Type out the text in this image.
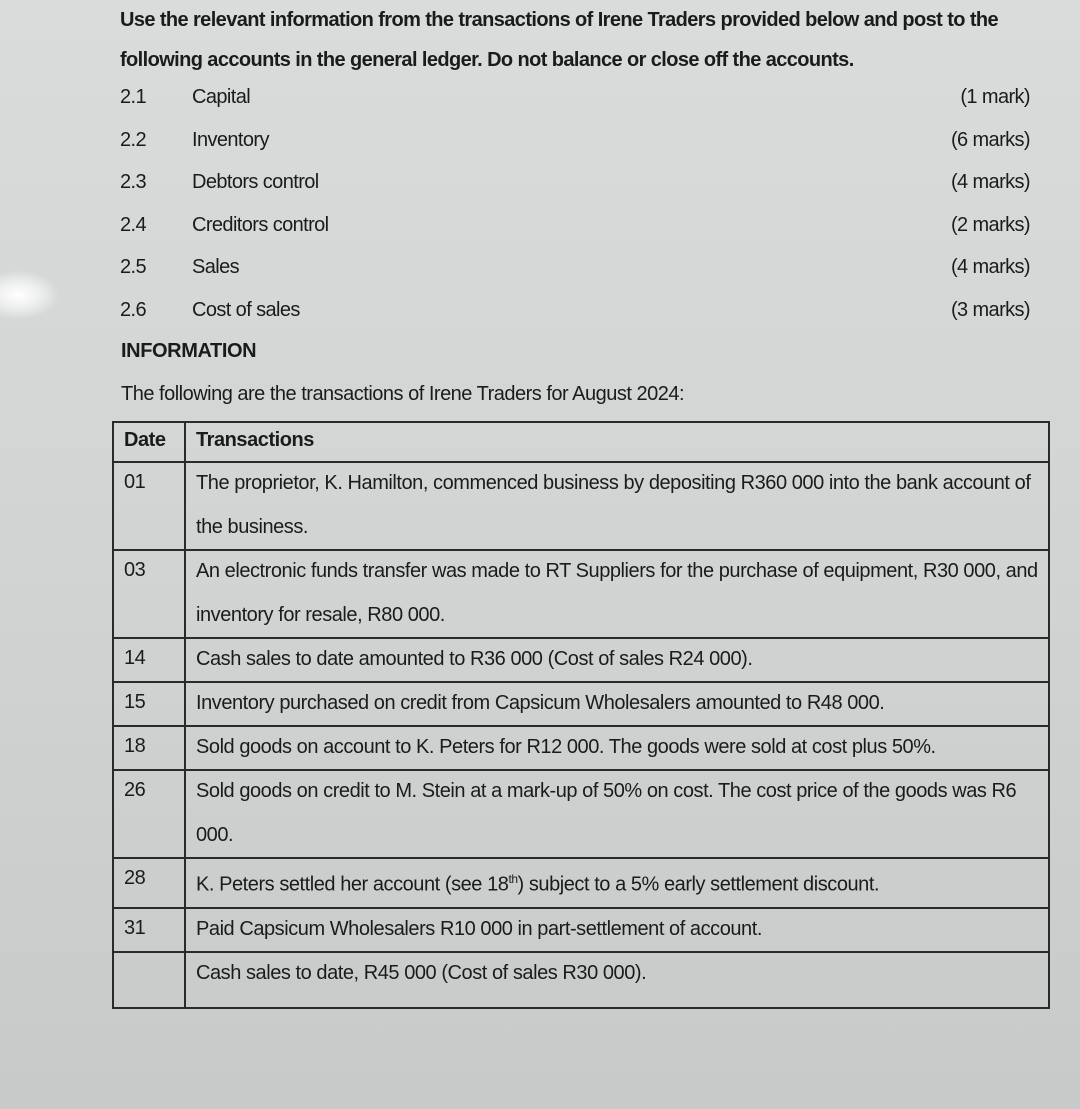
Use the relevant information from the transactions of Irene Traders provided below and post to the

following accounts in the general ledger. Do not balance or close off the accounts.

2.1 Capital	(1 mark)
2.2 Inventory	(6 marks)
2.3 Debtors control	(4 marks)
2.4 Creditors control	(2 marks)
2.5 Sales	(4 marks)
2.6 Cost of sales	(3 marks)
INFORMATION
The following are the transactions of Irene Traders for August 2024:
Date	Transactions
01	The proprietor, K. Hamilton, commenced business by depositing R360 000 into the bank account of the business.

03	An electronic funds transfer was made to RT Suppliers for the purchase of equipment, R30 000, and inventory for resale, R80 000.

14	Cash sales to date amounted to R36 000 (Cost of sales R24 000).

15	Inventory purchased on credit from Capsicum Wholesalers amounted to R48 000.

18	Sold goods on account to K. Peters for R12 000. The goods were sold at cost plus 50%.

26	Sold goods on credit to M. Stein at a mark-up of 50% on cost. The cost price of the goods was R6 000.

28	K. Peters settled her account (see 18th) subject to a 5% early settlement discount.

31	Paid Capsicum Wholesalers R10 000 in part-settlement of account.

	Cash sales to date, R45 000 (Cost of sales R30 000).
